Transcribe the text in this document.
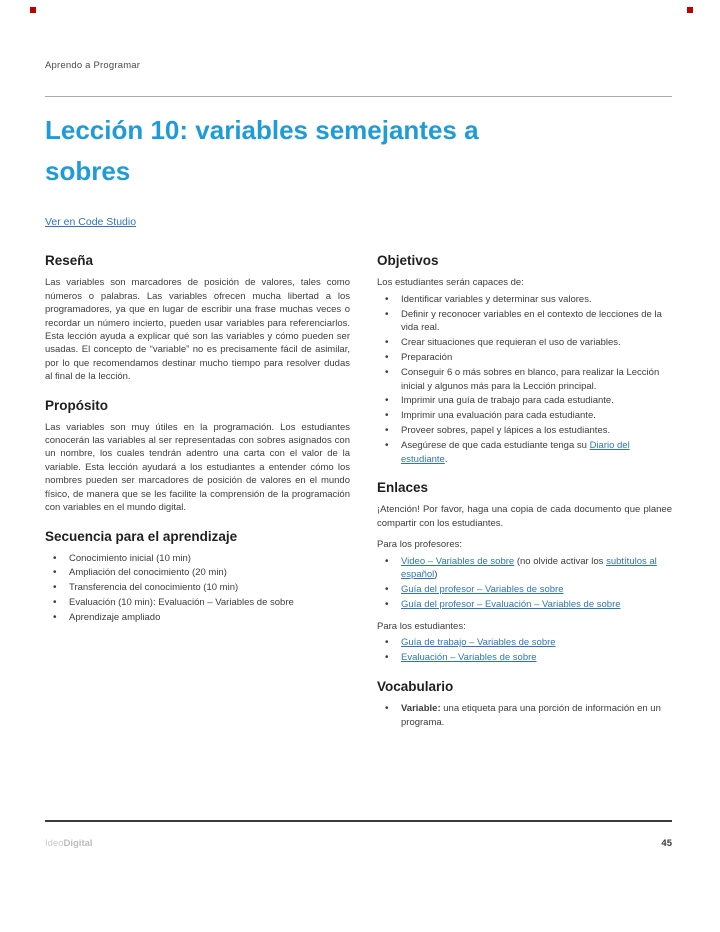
Aprendo a Programar
Lección 10: variables semejantes a sobres
Ver en Code Studio
Reseña

Las variables son marcadores de posición de valores, tales como números o palabras. Las variables ofrecen mucha libertad a los programadores, ya que en lugar de escribir una frase muchas veces o recordar un número incierto, pueden usar variables para referenciarlos. Esta lección ayuda a explicar qué son las variables y cómo pueden ser usadas. El concepto de “variable” no es precisamente fácil de asimilar, por lo que recomendamos destinar mucho tiempo para resolver dudas al final de la lección.

Propósito

Las variables son muy útiles en la programación. Los estudiantes conocerán las variables al ser representadas con sobres asignados con un nombre, los cuales tendrán adentro una carta con el valor de la variable. Esta lección ayudará a los estudiantes a entender cómo los nombres pueden ser marcadores de posición de valores en el mundo físico, de manera que se les facilite la comprensión de la programación con variables en el mundo digital.

Secuencia para el aprendizaje
• Conocimiento inicial (10 min)
• Ampliación del conocimiento (20 min)
• Transferencia del conocimiento (10 min)
• Evaluación (10 min): Evaluación – Variables de sobre
• Aprendizaje ampliado
Objetivos

Los estudiantes serán capaces de:

• Identificar variables y determinar sus valores.
• Definir y reconocer variables en el contexto de lecciones de la vida real.
• Crear situaciones que requieran el uso de variables.
• Preparación
• Conseguir 6 o más sobres en blanco, para realizar la Lección inicial y algunos más para la Lección principal.
• Imprimir una guía de trabajo para cada estudiante.
• Imprimir una evaluación para cada estudiante.
• Proveer sobres, papel y lápices a los estudiantes.
• Asegúrese de que cada estudiante tenga su Diario del estudiante.
Enlaces

¡Atención! Por favor, haga una copia de cada documento que planee compartir con los estudiantes.

Para los profesores:

• Video – Variables de sobre (no olvide activar los subtítulos al español)
• Guía del profesor – Variables de sobre
• Guía del profesor – Evaluación – Variables de sobre

Para los estudiantes:

• Guía de trabajo – Variables de sobre
• Evaluación – Variables de sobre
Vocabulario
• Variable: una etiqueta para una porción de información en un programa.
IdeoDigital	45
